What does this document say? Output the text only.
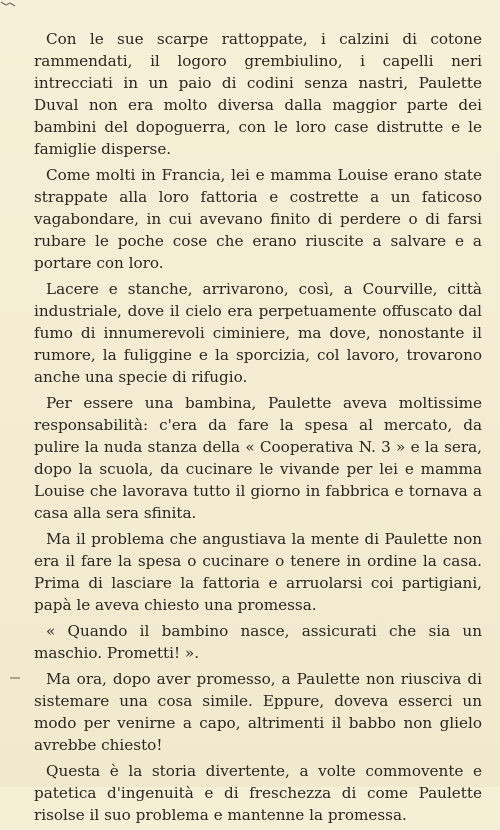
Con le sue scarpe rattoppate, i calzini di cotone rammendati, il logoro grembiulino, i capelli neri intrecciati in un paio di codini senza nastri, Paulette Duval non era molto diversa dalla maggior parte dei bambini del dopoguerra, con le loro case distrutte e le famiglie disperse.

Come molti in Francia, lei e mamma Louise erano state strappate alla loro fattoria e costrette a un faticoso vagabondare, in cui avevano finito di perdere o di farsi rubare le poche cose che erano riuscite a salvare e a portare con loro.

Lacere e stanche, arrivarono, così, a Courville, città industriale, dove il cielo era perpetuamente offuscato dal fumo di innumerevoli ciminiere, ma dove, nonostante il rumore, la fuliggine e la sporcizia, col lavoro, trovarono anche una specie di rifugio.

Per essere una bambina, Paulette aveva moltissime responsabilità: c'era da fare la spesa al mercato, da pulire la nuda stanza della « Cooperativa N. 3 » e la sera, dopo la scuola, da cucinare le vivande per lei e mamma Louise che lavorava tutto il giorno in fabbrica e tornava a casa alla sera sfinita.

Ma il problema che angustiava la mente di Paulette non era il fare la spesa o cucinare o tenere in ordine la casa. Prima di lasciare la fattoria e arruolarsi coi partigiani, papà le aveva chiesto una promessa.

« Quando il bambino nasce, assicurati che sia un maschio. Prometti! ».

Ma ora, dopo aver promesso, a Paulette non riusciva di sistemare una cosa simile. Eppure, doveva esserci un modo per venirne a capo, altrimenti il babbo non glielo avrebbe chiesto!

Questa è la storia divertente, a volte commovente e patetica d'ingenuità e di freschezza di come Paulette risolse il suo problema e mantenne la promessa.
